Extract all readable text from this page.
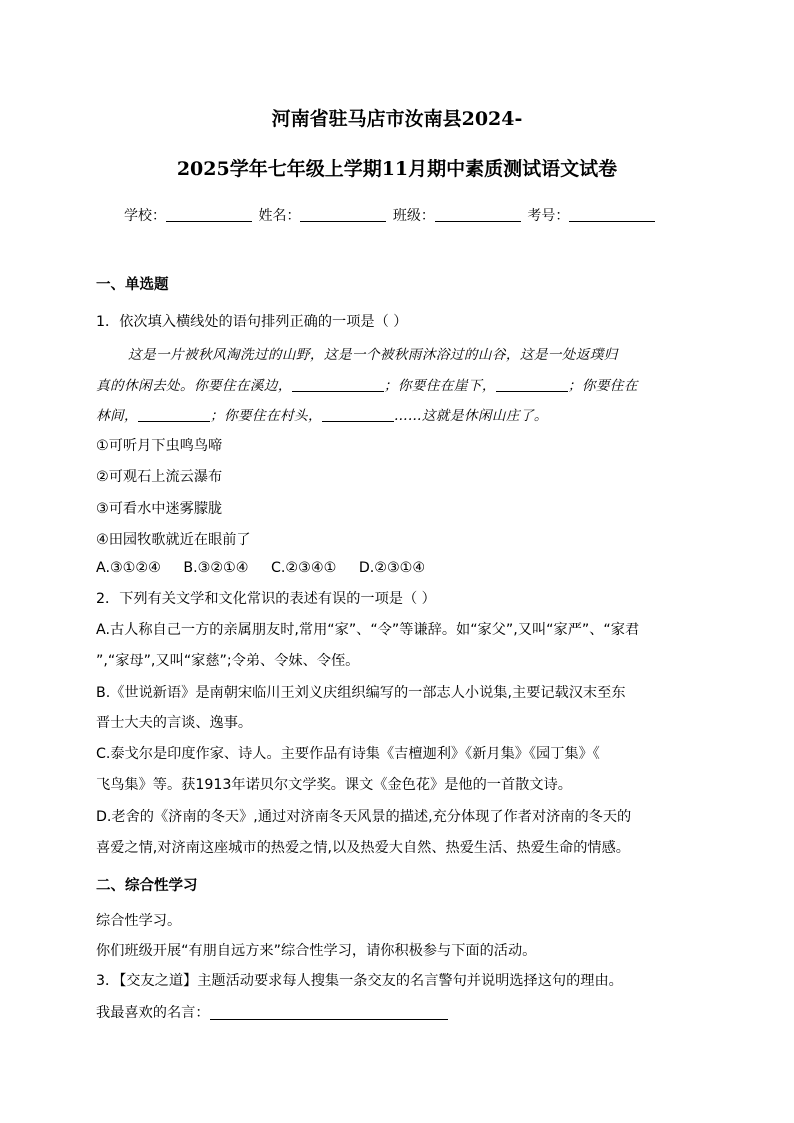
河南省驻马店市汝南县2024-
2025学年七年级上学期11月期中素质测试语文试卷
学校：	姓名：	班级：	考号：
一、单选题
1．依次填入横线处的语句排列正确的一项是（ ）
这是一片被秋风淘洗过的山野，这是一个被秋雨沐浴过的山谷，这是一处返璞归
真的休闲去处。你要住在溪边，	；你要住在崖下，	；你要住在
林间，	；你要住在村头，	……这就是休闲山庄了。
①可听月下虫鸣鸟啼
②可观石上流云瀑布
③可看水中迷雾朦胧
④田园牧歌就近在眼前了
A.③①②④ B.③②①④ C.②③④① D.②③①④
2．下列有关文学和文化常识的表述有误的一项是（ ）
A.古人称自己一方的亲属朋友时,常用“家”、“令”等谦辞。如“家父”,又叫“家严”、“家君
”,“家母”,又叫“家慈”;令弟、令妹、令侄。
B.《世说新语》是南朝宋临川王刘义庆组织编写的一部志人小说集,主要记载汉末至东
晋士大夫的言谈、逸事。
C.泰戈尔是印度作家、诗人。主要作品有诗集《吉檀迦利》《新月集》《园丁集》《
飞鸟集》等。获1913年诺贝尔文学奖。课文《金色花》是他的一首散文诗。
D.老舍的《济南的冬天》,通过对济南冬天风景的描述,充分体现了作者对济南的冬天的
喜爱之情,对济南这座城市的热爱之情,以及热爱大自然、热爱生活、热爱生命的情感。
二、综合性学习
综合性学习。
你们班级开展“有朋自远方来”综合性学习，请你积极参与下面的活动。
3．【交友之道】主题活动要求每人搜集一条交友的名言警句并说明选择这句的理由。
我最喜欢的名言：
